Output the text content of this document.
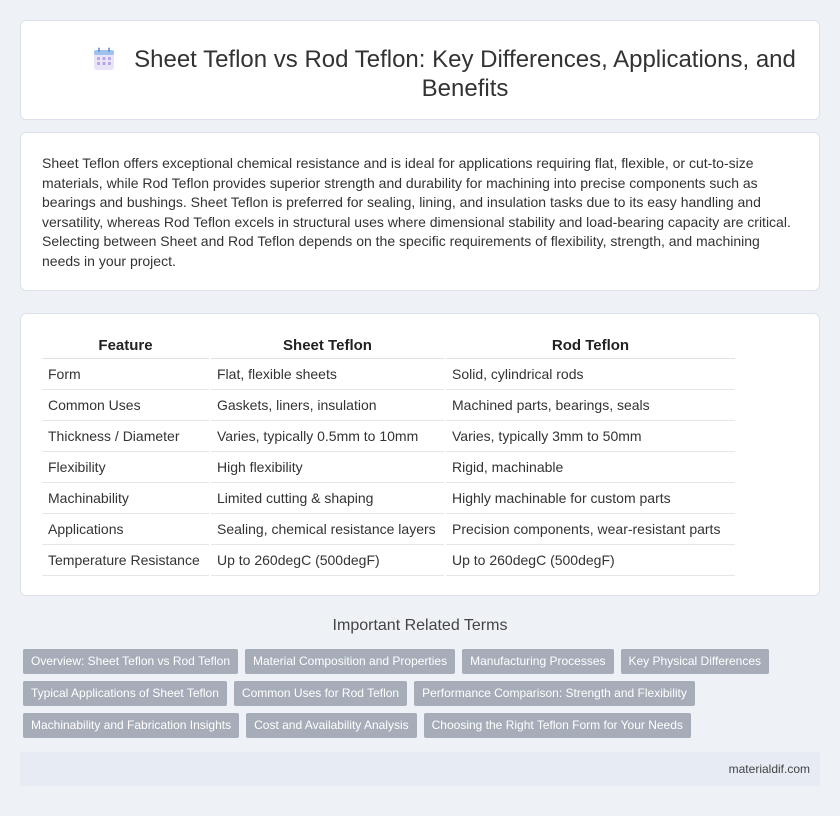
Sheet Teflon vs Rod Teflon: Key Differences, Applications, and Benefits

Sheet Teflon offers exceptional chemical resistance and is ideal for applications requiring flat, flexible, or cut-to-size materials, while Rod Teflon provides superior strength and durability for machining into precise components such as bearings and bushings. Sheet Teflon is preferred for sealing, lining, and insulation tasks due to its easy handling and versatility, whereas Rod Teflon excels in structural uses where dimensional stability and load-bearing capacity are critical. Selecting between Sheet and Rod Teflon depends on the specific requirements of flexibility, strength, and machining needs in your project.

Feature	Sheet Teflon	Rod Teflon
Form	Flat, flexible sheets	Solid, cylindrical rods
Common Uses	Gaskets, liners, insulation	Machined parts, bearings, seals
Thickness / Diameter	Varies, typically 0.5mm to 10mm	Varies, typically 3mm to 50mm
Flexibility	High flexibility	Rigid, machinable
Machinability	Limited cutting & shaping	Highly machinable for custom parts
Applications	Sealing, chemical resistance layers	Precision components, wear-resistant parts
Temperature Resistance	Up to 260degC (500degF)	Up to 260degC (500degF)
Important Related Terms
Overview: Sheet Teflon vs Rod Teflon	Material Composition and Properties	Manufacturing Processes	Key Physical Differences
Typical Applications of Sheet Teflon	Common Uses for Rod Teflon	Performance Comparison: Strength and Flexibility
Machinability and Fabrication Insights	Cost and Availability Analysis	Choosing the Right Teflon Form for Your Needs
materialdif.com
